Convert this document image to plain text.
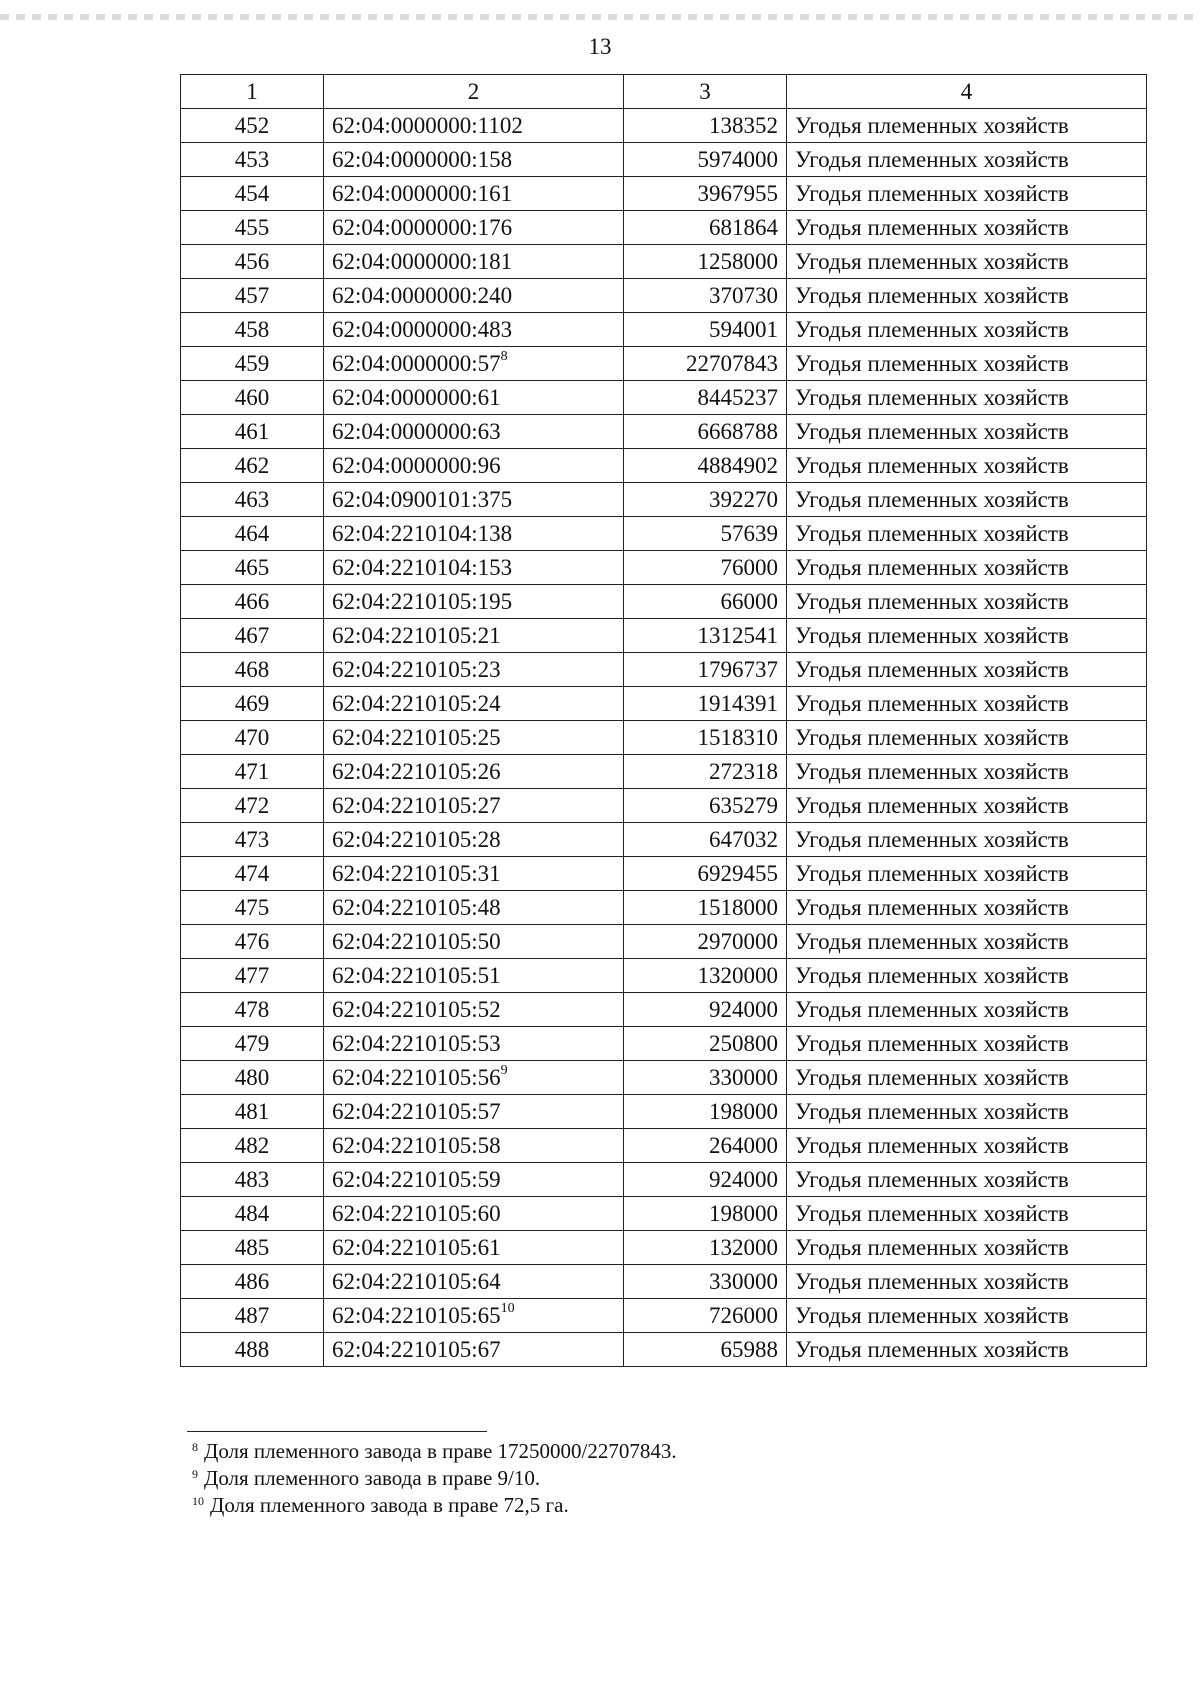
13
1	2	3	4
452	62:04:0000000:1102	138352	Угодья племенных хозяйств
453	62:04:0000000:158	5974000	Угодья племенных хозяйств
454	62:04:0000000:161	3967955	Угодья племенных хозяйств
455	62:04:0000000:176	681864	Угодья племенных хозяйств
456	62:04:0000000:181	1258000	Угодья племенных хозяйств
457	62:04:0000000:240	370730	Угодья племенных хозяйств
458	62:04:0000000:483	594001	Угодья племенных хозяйств
459	$62:04:0000000:57^8$	22707843	Угодья племенных хозяйств
460	62:04:0000000:61	8445237	Угодья племенных хозяйств
461	62:04:0000000:63	6668788	Угодья племенных хозяйств
462	62:04:0000000:96	4884902	Угодья племенных хозяйств
463	62:04:0900101:375	392270	Угодья племенных хозяйств
464	62:04:2210104:138	57639	Угодья племенных хозяйств
465	62:04:2210104:153	76000	Угодья племенных хозяйств
466	62:04:2210105:195	66000	Угодья племенных хозяйств
467	62:04:2210105:21	1312541	Угодья племенных хозяйств
468	62:04:2210105:23	1796737	Угодья племенных хозяйств
469	62:04:2210105:24	1914391	Угодья племенных хозяйств
470	62:04:2210105:25	1518310	Угодья племенных хозяйств
471	62:04:2210105:26	272318	Угодья племенных хозяйств
472	62:04:2210105:27	635279	Угодья племенных хозяйств
473	62:04:2210105:28	647032	Угодья племенных хозяйств
474	62:04:2210105:31	6929455	Угодья племенных хозяйств
475	62:04:2210105:48	1518000	Угодья племенных хозяйств
476	62:04:2210105:50	2970000	Угодья племенных хозяйств
477	62:04:2210105:51	1320000	Угодья племенных хозяйств
478	62:04:2210105:52	924000	Угодья племенных хозяйств
479	62:04:2210105:53	250800	Угодья племенных хозяйств
480	$62:04:2210105:56^9$	330000	Угодья племенных хозяйств
481	62:04:2210105:57	198000	Угодья племенных хозяйств
482	62:04:2210105:58	264000	Угодья племенных хозяйств
483	62:04:2210105:59	924000	Угодья племенных хозяйств
484	62:04:2210105:60	198000	Угодья племенных хозяйств
485	62:04:2210105:61	132000	Угодья племенных хозяйств
486	62:04:2210105:64	330000	Угодья племенных хозяйств
487	$62:04:2210105:65^{10}$	726000	Угодья племенных хозяйств
488	62:04:2210105:67	65988	Угодья племенных хозяйств
$^8$ Доля племенного завода в праве 17250000/22707843.
$^9$ Доля племенного завода в праве 9/10.
$^{10}$ Доля племенного завода в праве 72,5 га.
